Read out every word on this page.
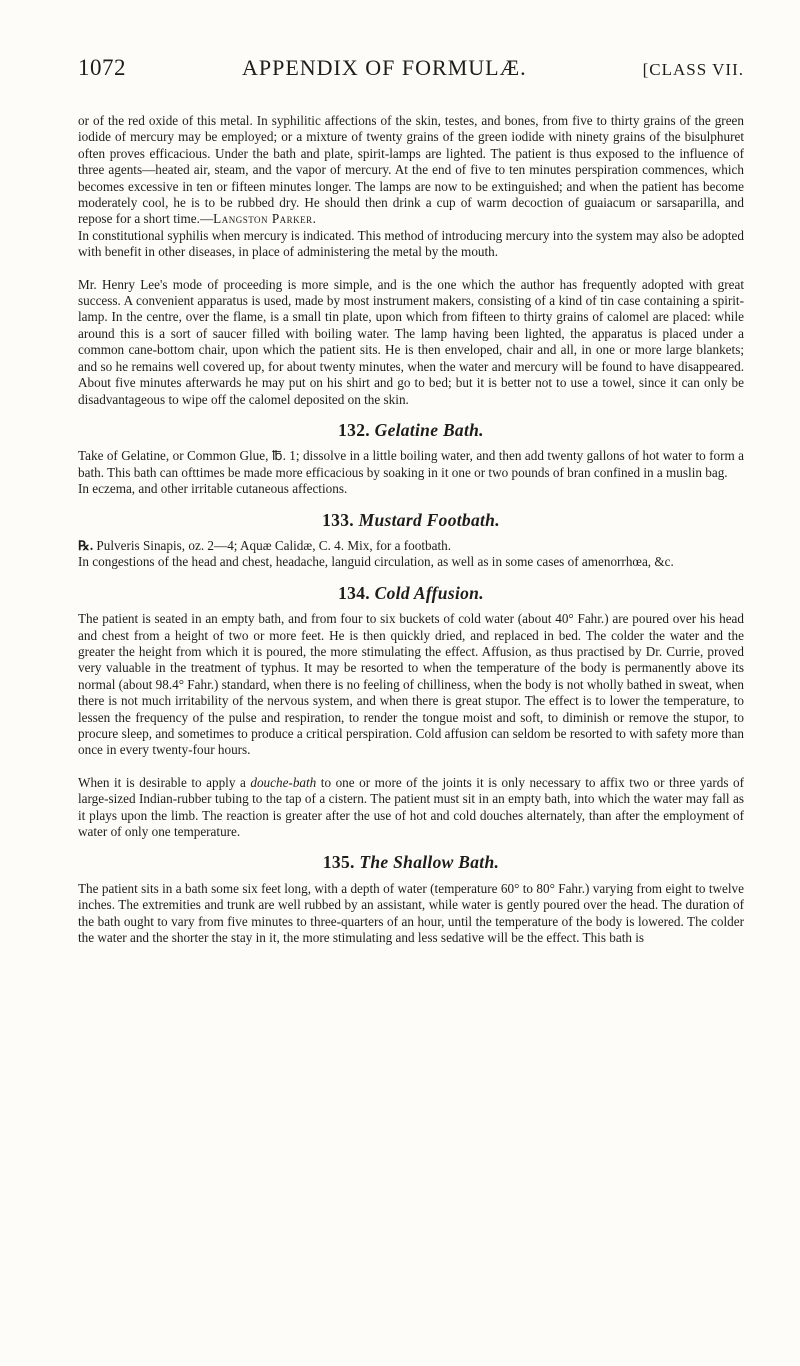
1072	APPENDIX OF FORMULÆ.	[CLASS VII.

or of the red oxide of this metal. In syphilitic affections of the skin, testes, and bones, from five to thirty grains of the green iodide of mercury may be employed; or a mixture of twenty grains of the green iodide with ninety grains of the bisulphuret often proves efficacious. Under the bath and plate, spirit-lamps are lighted. The patient is thus exposed to the influence of three agents—heated air, steam, and the vapor of mercury. At the end of five to ten minutes perspiration commences, which becomes excessive in ten or fifteen minutes longer. The lamps are now to be extinguished; and when the patient has become moderately cool, he is to be rubbed dry. He should then drink a cup of warm decoction of guaiacum or sarsaparilla, and repose for a short time.—Langston Parker.

In constitutional syphilis when mercury is indicated. This method of introducing mercury into the system may also be adopted with benefit in other diseases, in place of administering the metal by the mouth.

Mr. Henry Lee's mode of proceeding is more simple, and is the one which the author has frequently adopted with great success. A convenient apparatus is used, made by most instrument makers, consisting of a kind of tin case containing a spirit-lamp. In the centre, over the flame, is a small tin plate, upon which from fifteen to thirty grains of calomel are placed: while around this is a sort of saucer filled with boiling water. The lamp having been lighted, the apparatus is placed under a common cane-bottom chair, upon which the patient sits. He is then enveloped, chair and all, in one or more large blankets; and so he remains well covered up, for about twenty minutes, when the water and mercury will be found to have disappeared. About five minutes afterwards he may put on his shirt and go to bed; but it is better not to use a towel, since it can only be disadvantageous to wipe off the calomel deposited on the skin.

132. Gelatine Bath.

Take of Gelatine, or Common Glue, ℔. 1; dissolve in a little boiling water, and then add twenty gallons of hot water to form a bath. This bath can ofttimes be made more efficacious by soaking in it one or two pounds of bran confined in a muslin bag.

In eczema, and other irritable cutaneous affections.

133. Mustard Footbath.

℞. Pulveris Sinapis, oz. 2—4; Aquæ Calidæ, C. 4. Mix, for a footbath.

In congestions of the head and chest, headache, languid circulation, as well as in some cases of amenorrhœa, &c.

134. Cold Affusion.

The patient is seated in an empty bath, and from four to six buckets of cold water (about 40° Fahr.) are poured over his head and chest from a height of two or more feet. He is then quickly dried, and replaced in bed. The colder the water and the greater the height from which it is poured, the more stimulating the effect. Affusion, as thus practised by Dr. Currie, proved very valuable in the treatment of typhus. It may be resorted to when the temperature of the body is permanently above its normal (about 98.4° Fahr.) standard, when there is no feeling of chilliness, when the body is not wholly bathed in sweat, when there is not much irritability of the nervous system, and when there is great stupor. The effect is to lower the temperature, to lessen the frequency of the pulse and respiration, to render the tongue moist and soft, to diminish or remove the stupor, to procure sleep, and sometimes to produce a critical perspiration. Cold affusion can seldom be resorted to with safety more than once in every twenty-four hours.

When it is desirable to apply a douche-bath to one or more of the joints it is only necessary to affix two or three yards of large-sized Indian-rubber tubing to the tap of a cistern. The patient must sit in an empty bath, into which the water may fall as it plays upon the limb. The reaction is greater after the use of hot and cold douches alternately, than after the employment of water of only one temperature.

135. The Shallow Bath.

The patient sits in a bath some six feet long, with a depth of water (temperature 60° to 80° Fahr.) varying from eight to twelve inches. The extremities and trunk are well rubbed by an assistant, while water is gently poured over the head. The duration of the bath ought to vary from five minutes to three-quarters of an hour, until the temperature of the body is lowered. The colder the water and the shorter the stay in it, the more stimulating and less sedative will be the effect. This bath is
